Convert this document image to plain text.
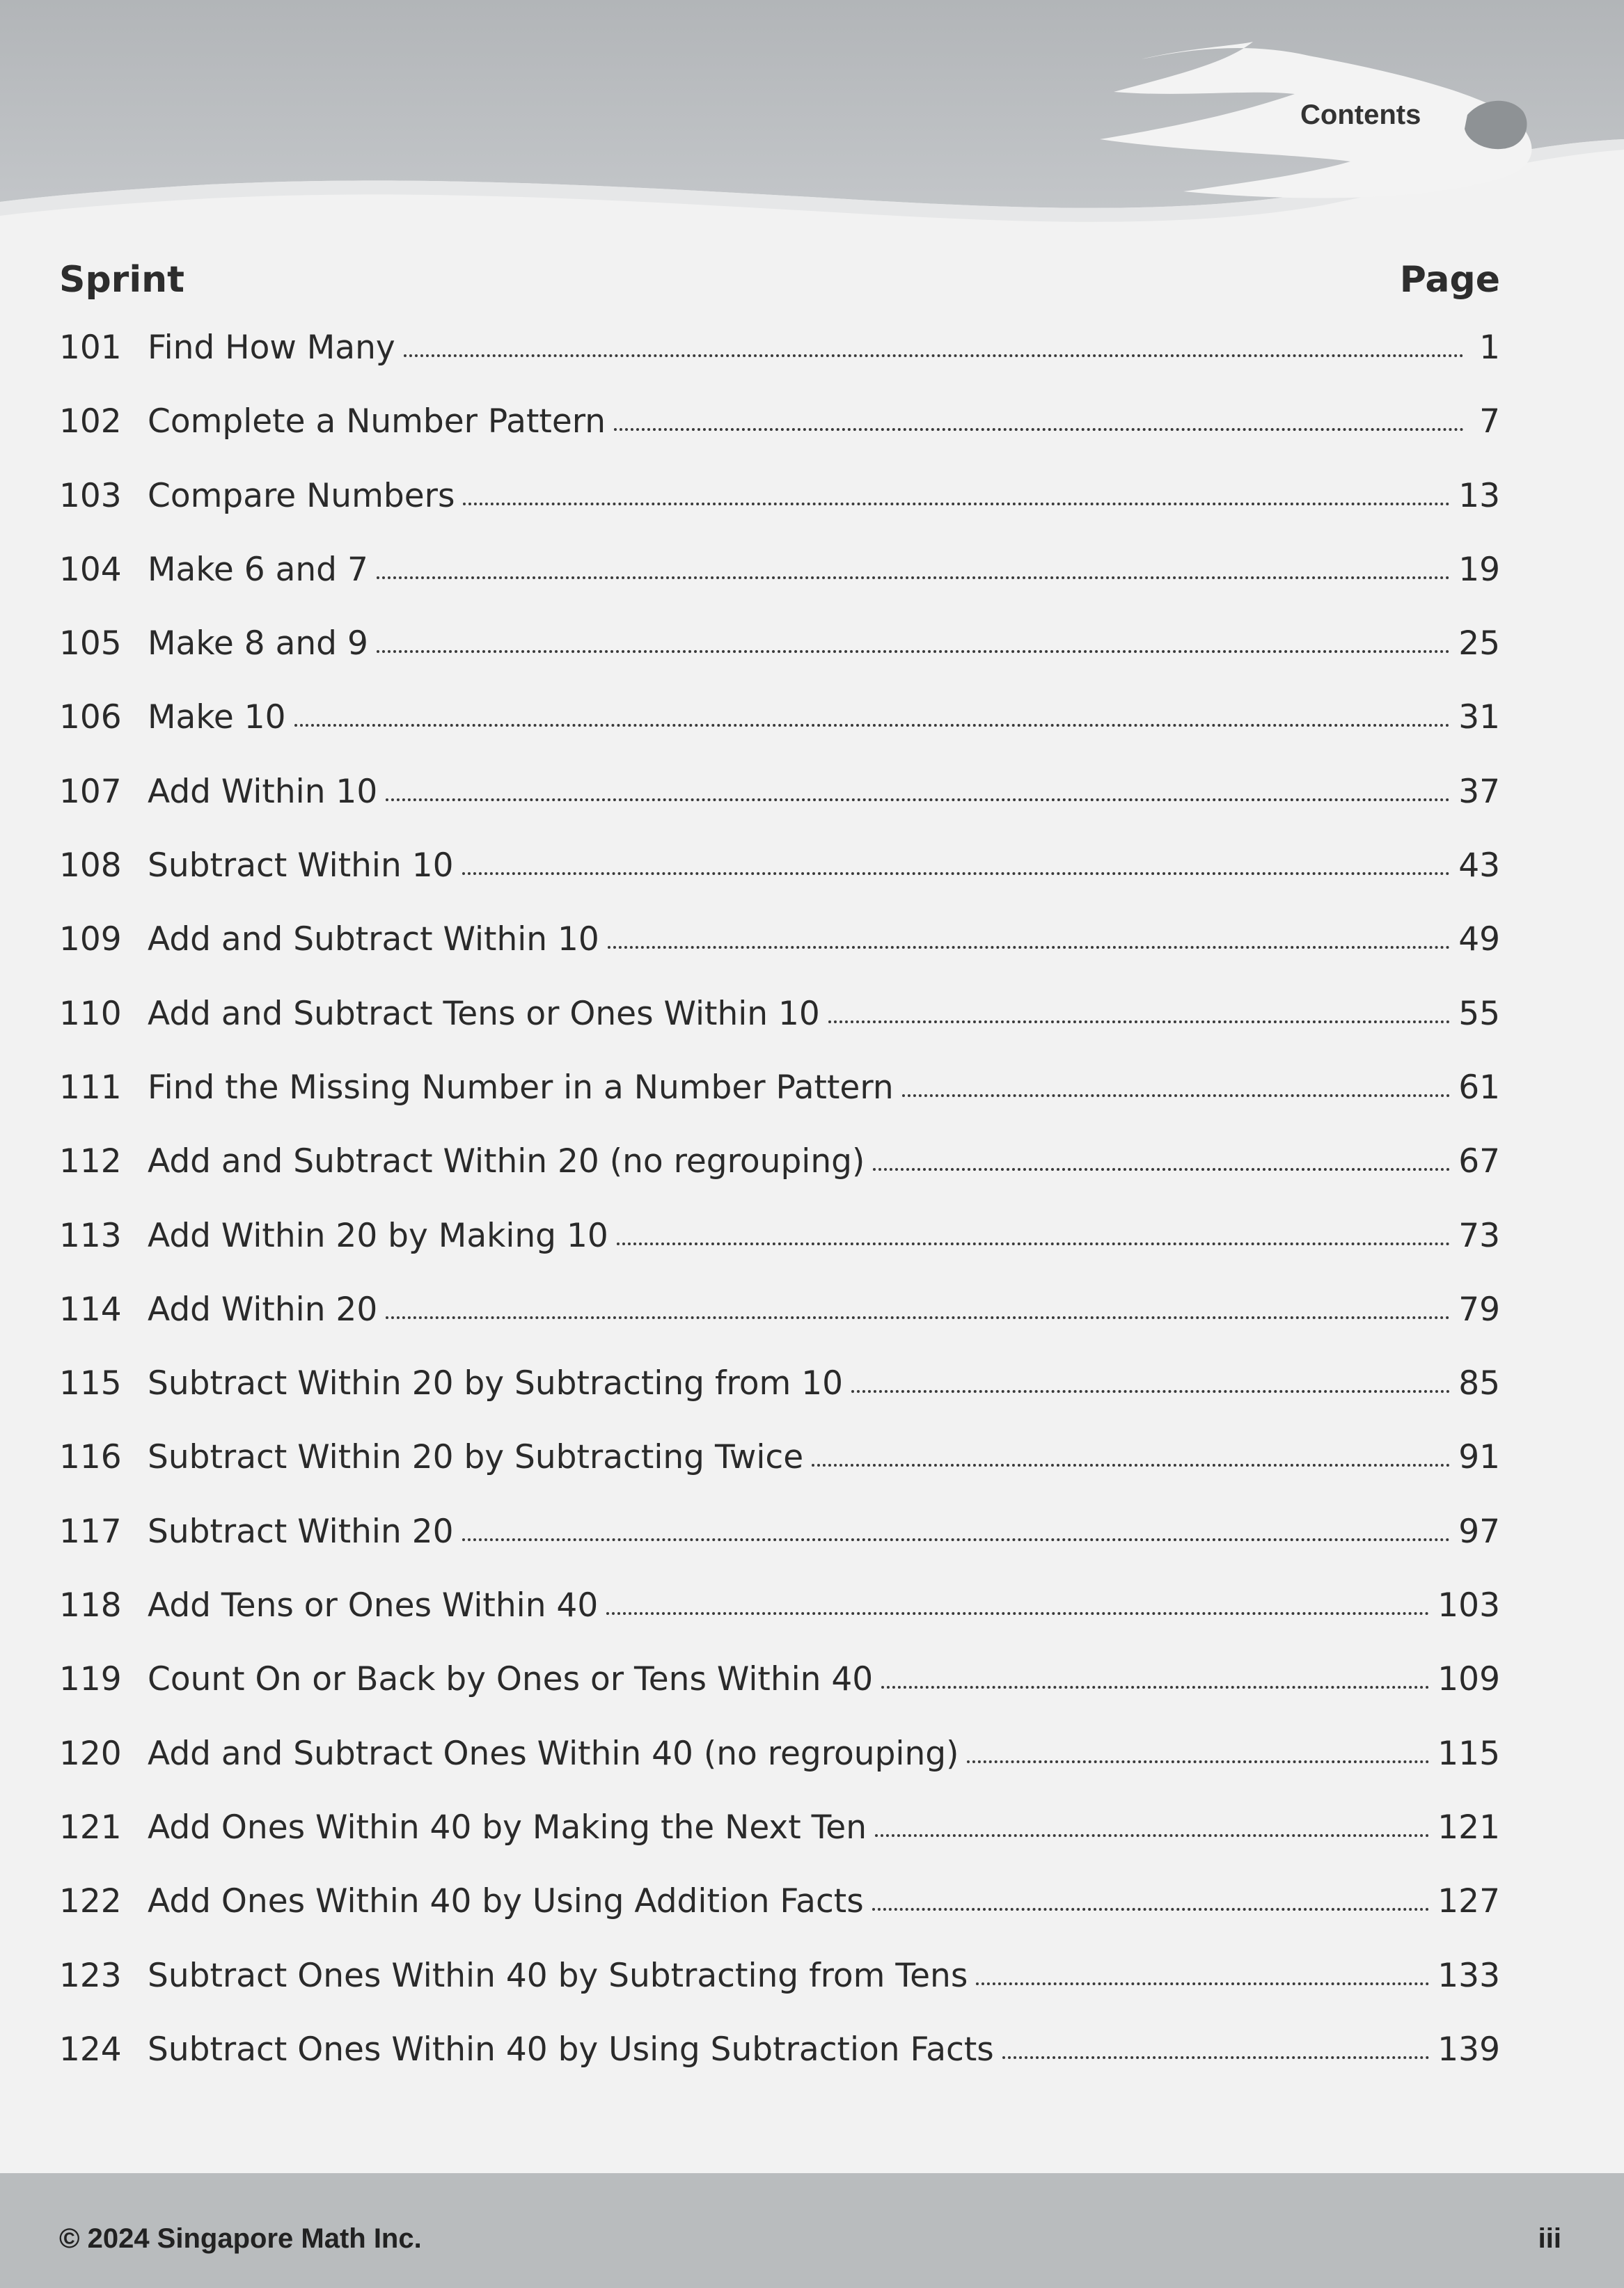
Contents
Sprint	Page
101 Find How Many	1
102 Complete a Number Pattern	7
103 Compare Numbers	13
104 Make 6 and 7	19
105 Make 8 and 9	25
106 Make 10	31
107 Add Within 10	37
108 Subtract Within 10	43
109 Add and Subtract Within 10	49
110 Add and Subtract Tens or Ones Within 10	55
111 Find the Missing Number in a Number Pattern	61
112 Add and Subtract Within 20 (no regrouping)	67
113 Add Within 20 by Making 10	73
114 Add Within 20	79
115 Subtract Within 20 by Subtracting from 10	85
116 Subtract Within 20 by Subtracting Twice	91
117 Subtract Within 20	97
118 Add Tens or Ones Within 40	103
119 Count On or Back by Ones or Tens Within 40	109
120 Add and Subtract Ones Within 40 (no regrouping)	115
121 Add Ones Within 40 by Making the Next Ten	121
122 Add Ones Within 40 by Using Addition Facts	127
123 Subtract Ones Within 40 by Subtracting from Tens	133
124 Subtract Ones Within 40 by Using Subtraction Facts	139
© 2024 Singapore Math Inc.	iii
